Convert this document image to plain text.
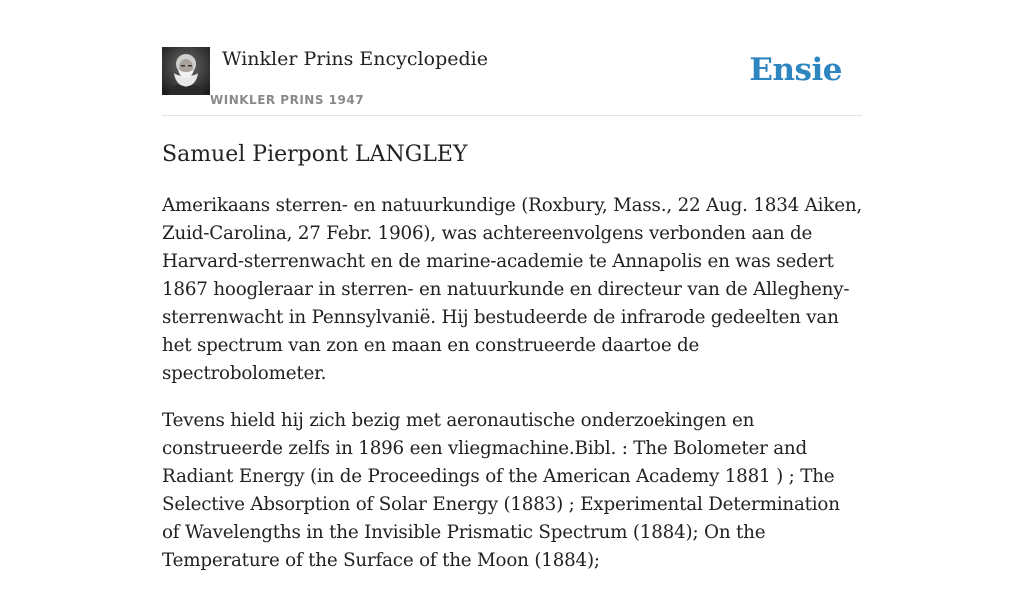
Winkler Prins Encyclopedie
WINKLER PRINS 1947
Ensie
Samuel Pierpont LANGLEY

Amerikaans sterren- en natuurkundige (Roxbury, Mass., 22 Aug. 1834 Aiken, Zuid-Carolina, 27 Febr. 1906), was achtereenvolgens verbonden aan de Harvard-sterrenwacht en de marine-academie te Annapolis en was sedert 1867 hoogleraar in sterren- en natuurkunde en directeur van de Allegheny-sterrenwacht in Pennsylvanië. Hij bestudeerde de infrarode gedeelten van het spectrum van zon en maan en construeerde daartoe de spectrobolometer.

Tevens hield hij zich bezig met aeronautische onderzoekingen en construeerde zelfs in 1896 een vliegmachine.Bibl. : The Bolometer and Radiant Energy (in de Proceedings of the American Academy 1881 ) ; The Selective Absorption of Solar Energy (1883) ; Experimental Determination of Wavelengths in the Invisible Prismatic Spectrum (1884); On the Temperature of the Surface of the Moon (1884);
